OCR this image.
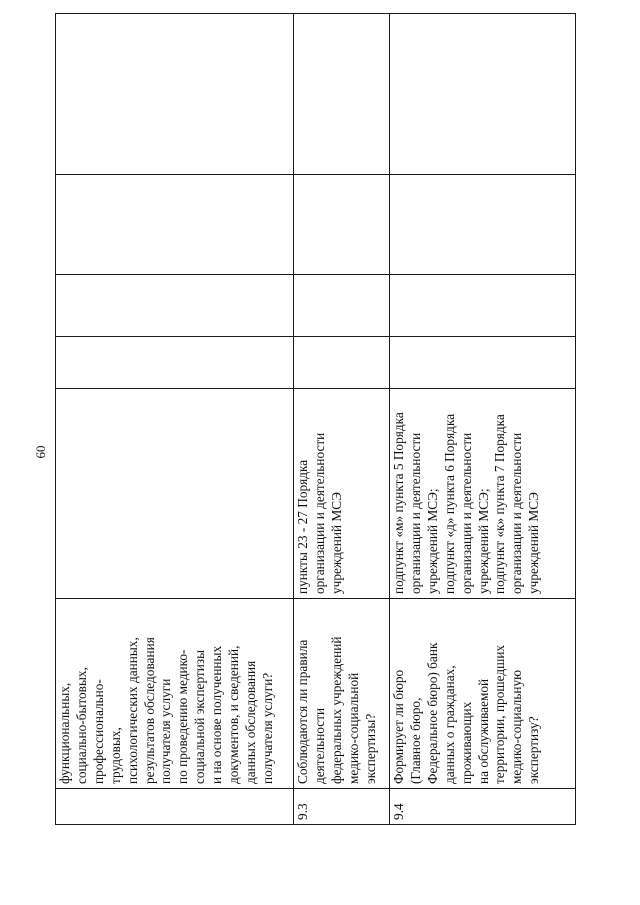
60
функциональных,
социально-бытовых,
профессионально-
трудовых,
психологических данных,
результатов обследования
получателя услуги
по проведению медико-
социальной экспертизы
и на основе полученных
документов, и сведений,
данных обследования
получателя услуги?
9.3
Соблюдаются ли правила
деятельности
федеральных учреждений
медико-социальной
экспертизы?
пункты 23 - 27 Порядка
организации и деятельности
учреждений МСЭ
9.4
Формирует ли бюро
(Главное бюро,
Федеральное бюро) банк
данных о гражданах,
проживающих
на обслуживаемой
территории, прошедших
медико-социальную
экспертизу?
подпункт «м» пункта 5 Порядка
организации и деятельности
учреждений МСЭ;
подпункт «д» пункта 6 Порядка
организации и деятельности
учреждений МСЭ;
подпункт «к» пункта 7 Порядка
организации и деятельности
учреждений МСЭ
